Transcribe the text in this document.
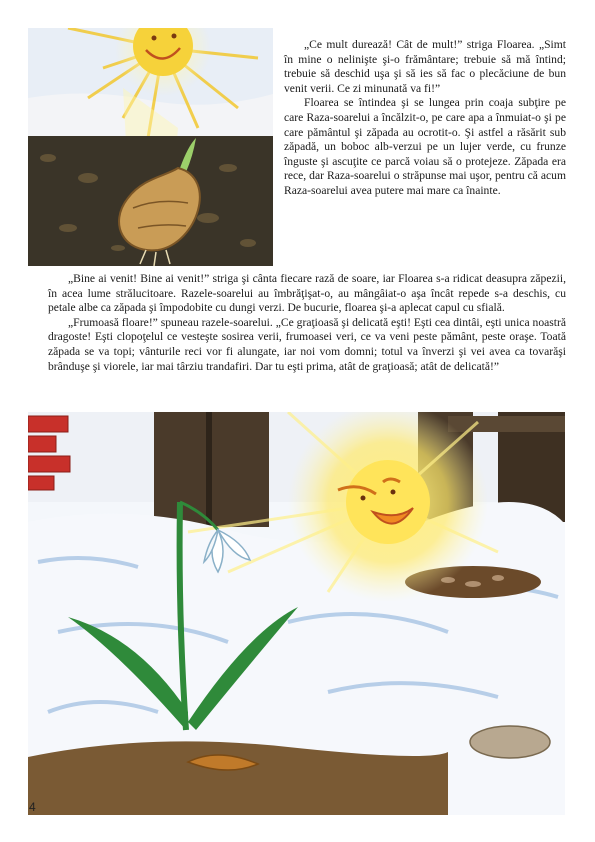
„Ce mult durează! Cât de mult!” striga Floarea. „Simt în mine o nelinişte şi-o frământare; trebuie să mă întind; trebuie să deschid uşa şi să ies să fac o plecăciune de bun venit verii. Ce zi minunată va fi!”

Floarea se întindea şi se lungea prin coaja subţire pe care Raza-soarelui a încălzit-o, pe care apa a înmuiat-o şi pe care pământul şi zăpada au ocrotit-o. Şi astfel a răsărit sub zăpadă, un boboc alb-verzui pe un lujer verde, cu frunze înguste şi ascuţite ce parcă voiau să o protejeze. Zăpada era rece, dar Raza-soarelui o străpunse mai uşor, pentru că acum Raza-soarelui avea putere mai mare ca înainte.

„Bine ai venit! Bine ai venit!” striga şi cânta fiecare rază de soare, iar Floarea s-a ridicat deasupra zăpezii, în acea lume strălucitoare. Razele-soarelui au îmbrăţişat-o, au mângâiat-o aşa încât repede s-a deschis, cu petale albe ca zăpada şi împodobite cu dungi verzi. De bucurie, floarea şi-a aplecat capul cu sfială.

„Frumoasă floare!” spuneau razele-soarelui. „Ce graţioasă şi delicată eşti! Eşti cea dintâi, eşti unica noastră dragoste! Eşti clopoţelul ce vesteşte sosirea verii, frumoasei veri, ce va veni peste pământ, peste oraşe. Toată zăpada se va topi; vânturile reci vor fi alungate, iar noi vom domni; totul va înverzi şi vei avea ca tovarăşi brânduşe şi viorele, iar mai târziu trandafiri. Dar tu eşti prima, atât de graţioasă; atât de delicată!”

4
